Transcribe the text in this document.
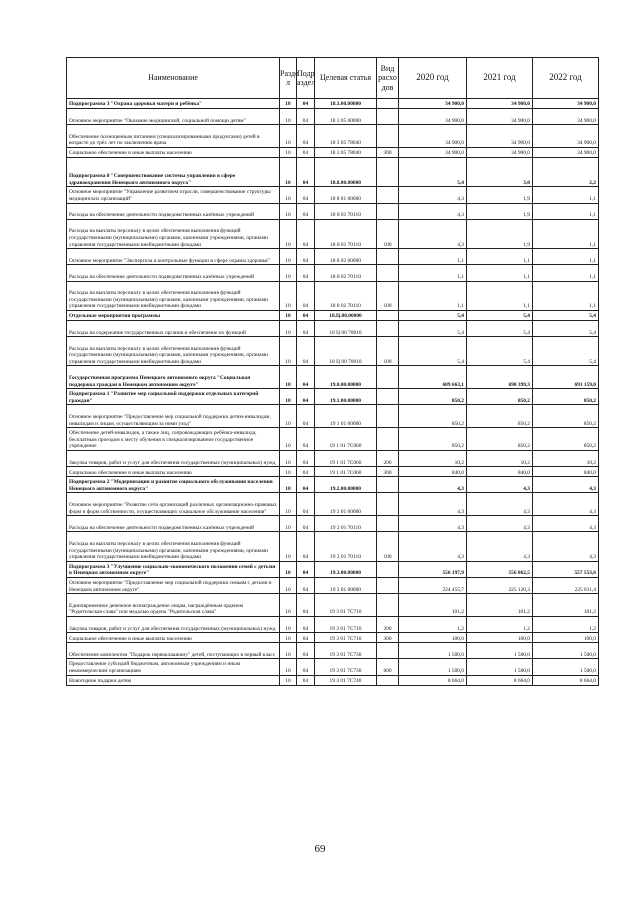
Наименование	Разде л	Подр аздел	Целевая статья	Вид расхо дов	2020 год	2021 год	2022 год
Подпрограмма 3 "Охрана здоровья матери и ребёнка"	10	04	18.3.00.00000		34 900,0	34 900,0	34 900,0
Основное мероприятие "Оказание медицинской, социальной помощи детям"	10	04	18 3 05 00000		34 900,0	34 900,0	34 900,0
Обеспечение полноценным питанием (специализированными продуктами) детей в возрасте до трёх лет по заключению врача	10	04	18 3 05 78040		34 900,0	34 900,0	34 900,0
Социальное обеспечение и иные выплаты населению	10	04	18 3 05 78040	300	34 900,0	34 900,0	34 900,0
Подпрограмма 8 "Совершенствование системы управления в сфере здравоохранения Ненецкого автономного округа"	10	04	18.8.00.00000		5,4	3,0	2,2
Основное мероприятие "Управление развитием отрасли, совершенствование структуры медицинских организаций"	10	04	18 8 01 00000		4,3	1,9	1,1
Расходы на обеспечение деятельности подведомственных казённых учреждений	10	04	18 8 01 70110		4,3	1,9	1,1
Расходы на выплаты персоналу в целях обеспечения выполнения функций государственными (муниципальными) органами, казенными учреждениями, органами управления государственными внебюджетными фондами	10	04	18 8 01 70110	100	4,3	1,9	1,1
Основное мероприятие "Экспертиза и контрольные функции в сфере охраны здоровья"	10	04	18 8 02 00000		1,1	1,1	1,1
Расходы на обеспечение деятельности подведомственных казённых учреждений	10	04	18 8 02 70110		1,1	1,1	1,1
Расходы на выплаты персоналу в целях обеспечения выполнения функций государственными (муниципальными) органами, казенными учреждениями, органами управления государственными внебюджетными фондами	10	04	18 8 02 70110	100	1,1	1,1	1,1
Отдельные мероприятия программы	10	04	18.Ц.00.00000		5,4	5,4	5,4
Расходы на содержание государственных органов и обеспечение их функций	10	04	18 Ц 00 70010		5,4	5,4	5,4
Расходы на выплаты персоналу в целях обеспечения выполнения функций государственными (муниципальными) органами, казенными учреждениями, органами управления государственными внебюджетными фондами	10	04	18 Ц 00 70010	100	5,4	5,4	5,4
Государственная программа Ненецкого автономного округа "Социальная поддержка граждан в Ненецком автономном округе"	10	04	19.0.00.00000		689 663,1	690 399,3	691 159,0
Подпрограмма 1 "Развитие мер социальной поддержки отдельных категорий граждан"	10	04	19.1.00.00000		850,2	850,2	850,2
Основное мероприятие "Предоставление мер социальной поддержки детям-инвалидам, инвалидам и лицам, осуществляющим за ними уход"	10	04	19 1 01 00000		850,2	850,2	850,2
Обеспечение детей-инвалидов, а также лиц, сопровождающих ребёнка-инвалида, бесплатным проездом к месту обучения в специализированное государственное учреждение	10	04	19 1 01 7C060		850,2	850,2	850,2
Закупка товаров, работ и услуг для обеспечения государственных (муниципальных) нужд	10	04	19 1 01 7C060	200	10,2	10,2	10,2
Социальное обеспечение и иные выплаты населению	10	04	19 1 01 7C060	300	840,0	840,0	840,0
Подпрограмма 2 "Модернизация и развитие социального обслуживания населения Ненецкого автономного округа"	10	04	19.2.00.00000		4,3	4,3	4,3
Основное мероприятие "Развитие сети организаций различных организационно-правовых форм и форм собственности, осуществляющих социальное обслуживание населения"	10	04	19 2 01 00000		4,3	4,3	4,3
Расходы на обеспечение деятельности подведомственных казённых учреждений	10	04	19 2 01 70110		4,3	4,3	4,3
Расходы на выплаты персоналу в целях обеспечения выполнения функций государственными (муниципальными) органами, казенными учреждениями, органами управления государственными внебюджетными фондами	10	04	19 2 01 70110	100	4,3	4,3	4,3
Подпрограмма 3 "Улучшение социально-экономического положения семей с детьми в Ненецком автономном округе"	10	04	19.3.00.00000		556 197,9	556 862,5	557 553,6
Основное мероприятие "Предоставление мер социальной поддержки семьям с детьми в Ненецком автономном округе"	10	04	19 3 01 00000		224 455,7	225 120,3	225 811,4
Единовременное денежное вознаграждение лицам, награждённым орденом "Родительская слава" или медалью ордена "Родительская слава"	10	04	19 3 01 7C710		101,2	101,2	101,2
Закупка товаров, работ и услуг для обеспечения государственных (муниципальных) нужд	10	04	19 3 01 7C710	200	1,2	1,2	1,2
Социальное обеспечение и иные выплаты населению	10	04	19 3 01 7C710	300	100,0	100,0	100,0
Обеспечение комплектом "Подарок первоклашкину" детей, поступающих в первый класс	10	04	19 3 01 7C730		1 500,0	1 500,0	1 500,0
Предоставление субсидий бюджетным, автономным учреждениям и иным некоммерческим организациям	10	04	19 3 01 7C730	600	1 500,0	1 500,0	1 500,0
Новогодние подарки детям	10	04	19 3 01 7C740		8 664,0	8 664,0	8 664,0
69
